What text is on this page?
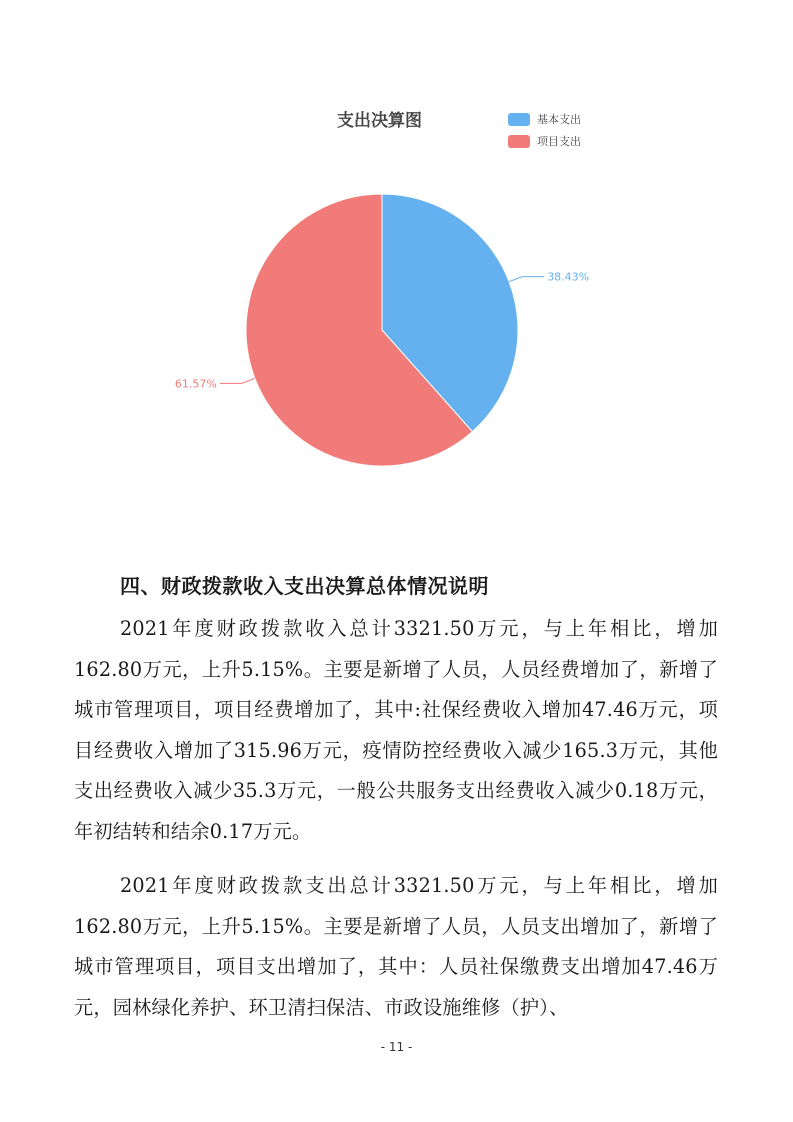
支出决算图	基本支出
项目支出
38.43%
61.57%
四、财政拨款收入支出决算总体情况说明

2021年度财政拨款收入总计3321.50万元，与上年相比，增加162.80万元，上升5.15%。主要是新增了人员，人员经费增加了，新增了城市管理项目，项目经费增加了，其中:社保经费收入增加47.46万元，项目经费收入增加了315.96万元，疫情防控经费收入减少165.3万元，其他支出经费收入减少35.3万元，一般公共服务支出经费收入减少0.18万元，年初结转和结余0.17万元。

2021年度财政拨款支出总计3321.50万元，与上年相比，增加162.80万元，上升5.15%。主要是新增了人员，人员支出增加了，新增了城市管理项目，项目支出增加了，其中：人员社保缴费支出增加47.46万元，园林绿化养护、环卫清扫保洁、市政设施维修（护）、

- 11 -
